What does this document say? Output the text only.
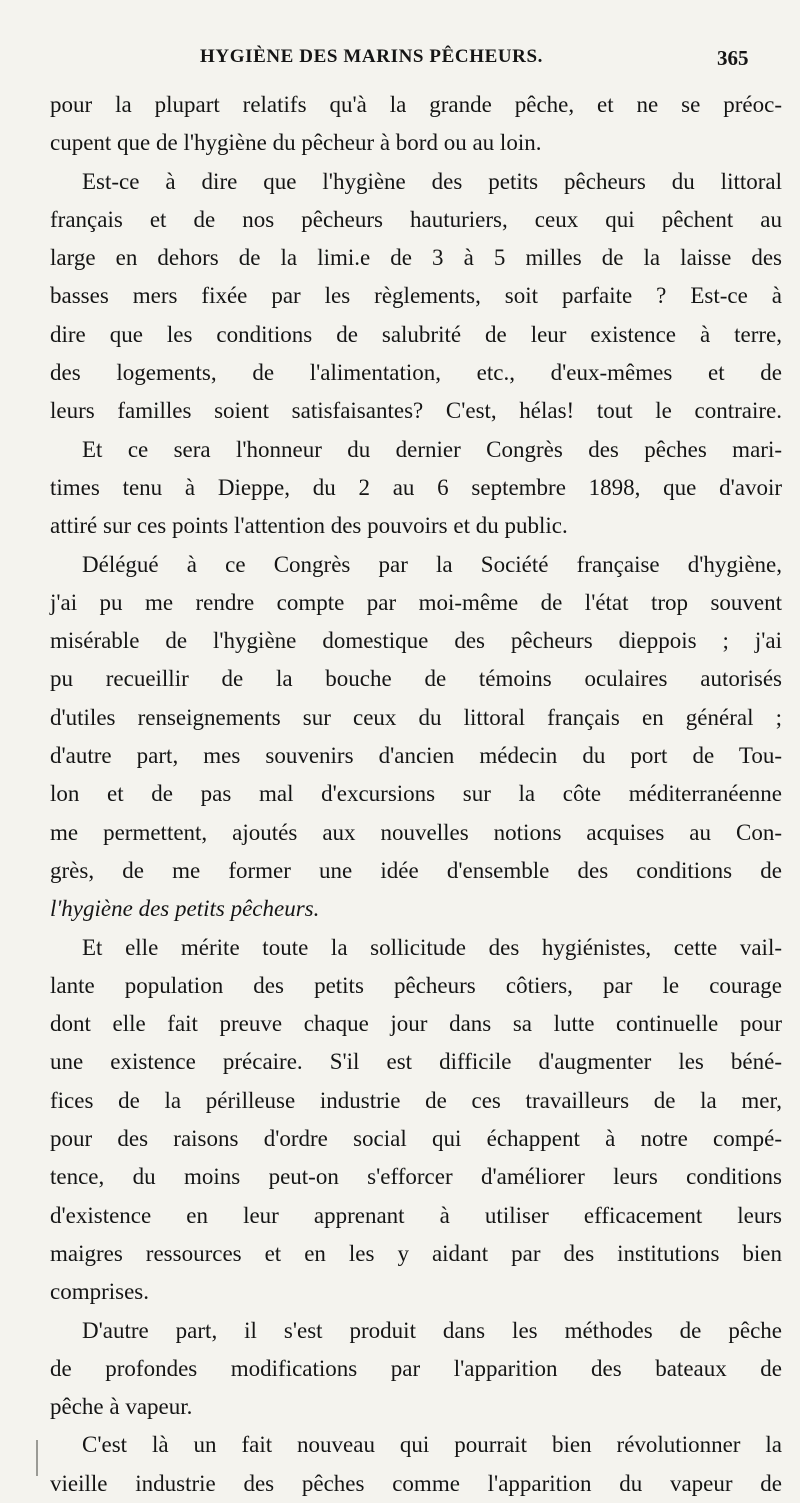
HYGIÈNE DES MARINS PÊCHEURS.	365
pour la plupart relatifs qu'à la grande pêche, et ne se préoc-
cupent que de l'hygiène du pêcheur à bord ou au loin.
Est-ce à dire que l'hygiène des petits pêcheurs du littoral
français et de nos pêcheurs hauturiers, ceux qui pêchent au
large en dehors de la limi.e de 3 à 5 milles de la laisse des
basses mers fixée par les règlements, soit parfaite ? Est-ce à
dire que les conditions de salubrité de leur existence à terre,
des logements, de l'alimentation, etc., d'eux-mêmes et de
leurs familles soient satisfaisantes? C'est, hélas! tout le contraire.
Et ce sera l'honneur du dernier Congrès des pêches mari-
times tenu à Dieppe, du 2 au 6 septembre 1898, que d'avoir
attiré sur ces points l'attention des pouvoirs et du public.
Délégué à ce Congrès par la Société française d'hygiène,
j'ai pu me rendre compte par moi-même de l'état trop souvent
misérable de l'hygiène domestique des pêcheurs dieppois ; j'ai
pu recueillir de la bouche de témoins oculaires autorisés
d'utiles renseignements sur ceux du littoral français en général ;
d'autre part, mes souvenirs d'ancien médecin du port de Tou-
lon et de pas mal d'excursions sur la côte méditerranéenne
me permettent, ajoutés aux nouvelles notions acquises au Con-
grès, de me former une idée d'ensemble des conditions de
l'hygiène des petits pêcheurs.
Et elle mérite toute la sollicitude des hygiénistes, cette vail-
lante population des petits pêcheurs côtiers, par le courage
dont elle fait preuve chaque jour dans sa lutte continuelle pour
une existence précaire. S'il est difficile d'augmenter les béné-
fices de la périlleuse industrie de ces travailleurs de la mer,
pour des raisons d'ordre social qui échappent à notre compé-
tence, du moins peut-on s'efforcer d'améliorer leurs conditions
d'existence en leur apprenant à utiliser efficacement leurs
maigres ressources et en les y aidant par des institutions bien
comprises.
D'autre part, il s'est produit dans les méthodes de pêche
de profondes modifications par l'apparition des bateaux de
pêche à vapeur.
C'est là un fait nouveau qui pourrait bien révolutionner la
vieille industrie des pêches comme l'apparition du vapeur de
